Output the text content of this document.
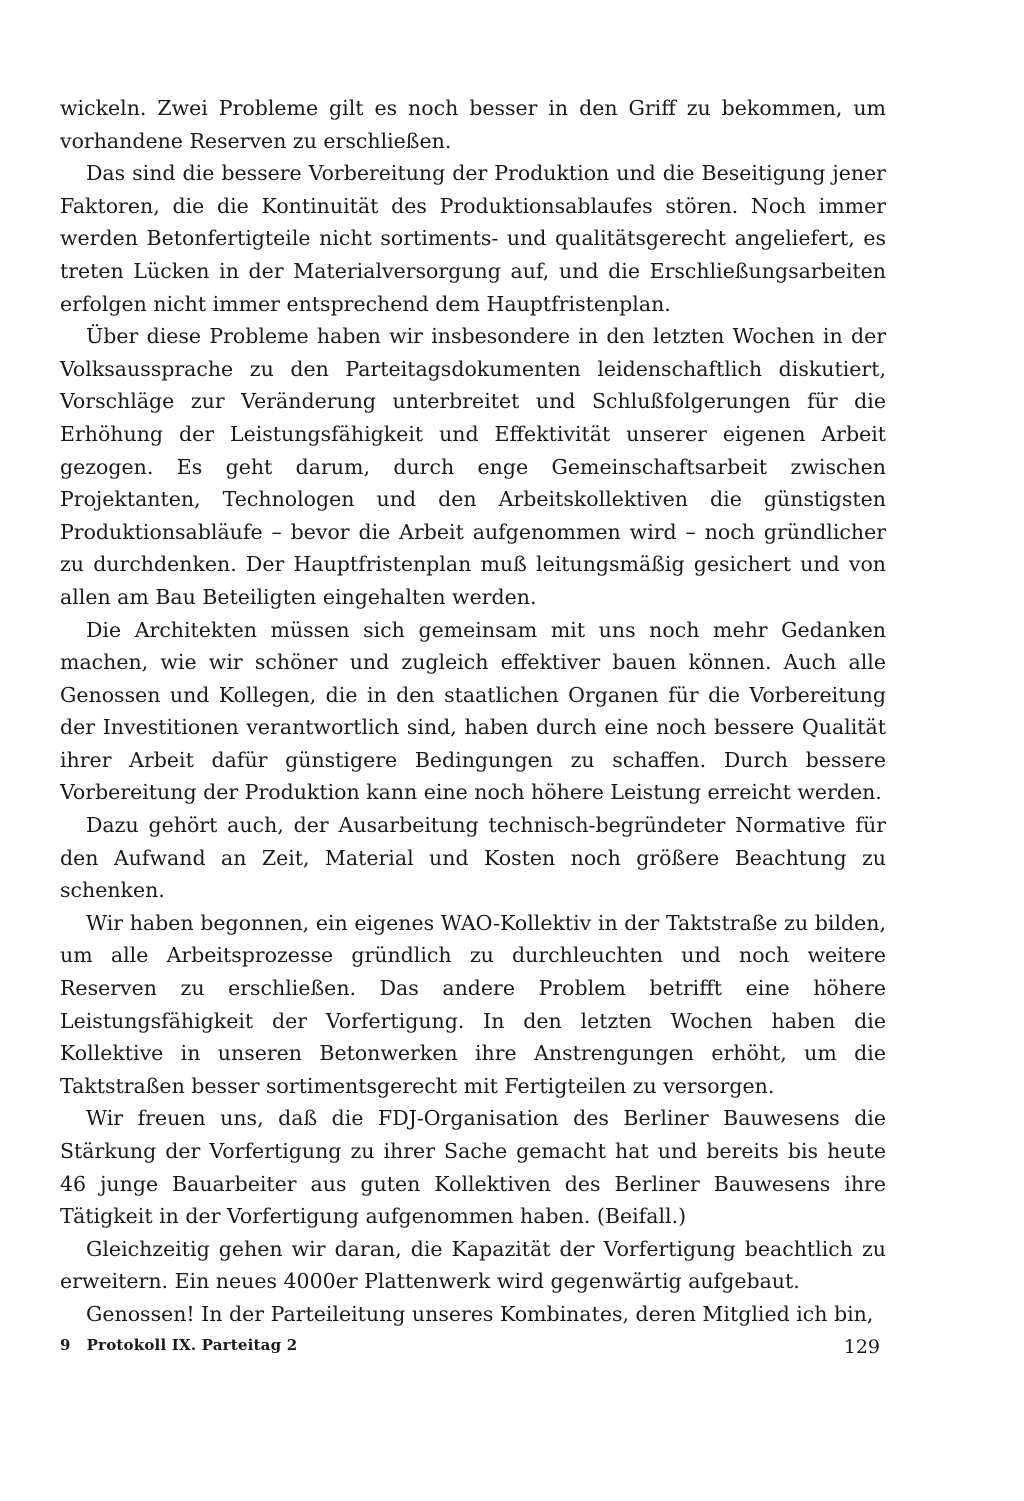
wickeln. Zwei Probleme gilt es noch besser in den Griff zu bekommen, um vorhandene Reserven zu erschließen.

Das sind die bessere Vorbereitung der Produktion und die Beseitigung jener Faktoren, die die Kontinuität des Produktionsablaufes stören. Noch immer werden Betonfertigteile nicht sortiments- und qualitätsgerecht angeliefert, es treten Lücken in der Materialversorgung auf, und die Erschließungsarbeiten erfolgen nicht immer entsprechend dem Hauptfristenplan.

Über diese Probleme haben wir insbesondere in den letzten Wochen in der Volksaussprache zu den Parteitagsdokumenten leidenschaftlich diskutiert, Vorschläge zur Veränderung unterbreitet und Schlußfolgerungen für die Erhöhung der Leistungsfähigkeit und Effektivität unserer eigenen Arbeit gezogen. Es geht darum, durch enge Gemeinschaftsarbeit zwischen Projektanten, Technologen und den Arbeitskollektiven die günstigsten Produktionsabläufe – bevor die Arbeit aufgenommen wird – noch gründlicher zu durchdenken. Der Hauptfristenplan muß leitungsmäßig gesichert und von allen am Bau Beteiligten eingehalten werden.

Die Architekten müssen sich gemeinsam mit uns noch mehr Gedanken machen, wie wir schöner und zugleich effektiver bauen können. Auch alle Genossen und Kollegen, die in den staatlichen Organen für die Vorbereitung der Investitionen verantwortlich sind, haben durch eine noch bessere Qualität ihrer Arbeit dafür günstigere Bedingungen zu schaffen. Durch bessere Vorbereitung der Produktion kann eine noch höhere Leistung erreicht werden.

Dazu gehört auch, der Ausarbeitung technisch-begründeter Normative für den Aufwand an Zeit, Material und Kosten noch größere Beachtung zu schenken.

Wir haben begonnen, ein eigenes WAO-Kollektiv in der Taktstraße zu bilden, um alle Arbeitsprozesse gründlich zu durchleuchten und noch weitere Reserven zu erschließen. Das andere Problem betrifft eine höhere Leistungsfähigkeit der Vorfertigung. In den letzten Wochen haben die Kollektive in unseren Betonwerken ihre Anstrengungen erhöht, um die Taktstraßen besser sortimentsgerecht mit Fertigteilen zu versorgen.

Wir freuen uns, daß die FDJ-Organisation des Berliner Bauwesens die Stärkung der Vorfertigung zu ihrer Sache gemacht hat und bereits bis heute 46 junge Bauarbeiter aus guten Kollektiven des Berliner Bauwesens ihre Tätigkeit in der Vorfertigung aufgenommen haben. (Beifall.)

Gleichzeitig gehen wir daran, die Kapazität der Vorfertigung beachtlich zu erweitern. Ein neues 4000er Plattenwerk wird gegenwärtig aufgebaut.

Genossen! In der Parteileitung unseres Kombinates, deren Mitglied ich bin,

9 Protokoll IX. Parteitag 2	129
